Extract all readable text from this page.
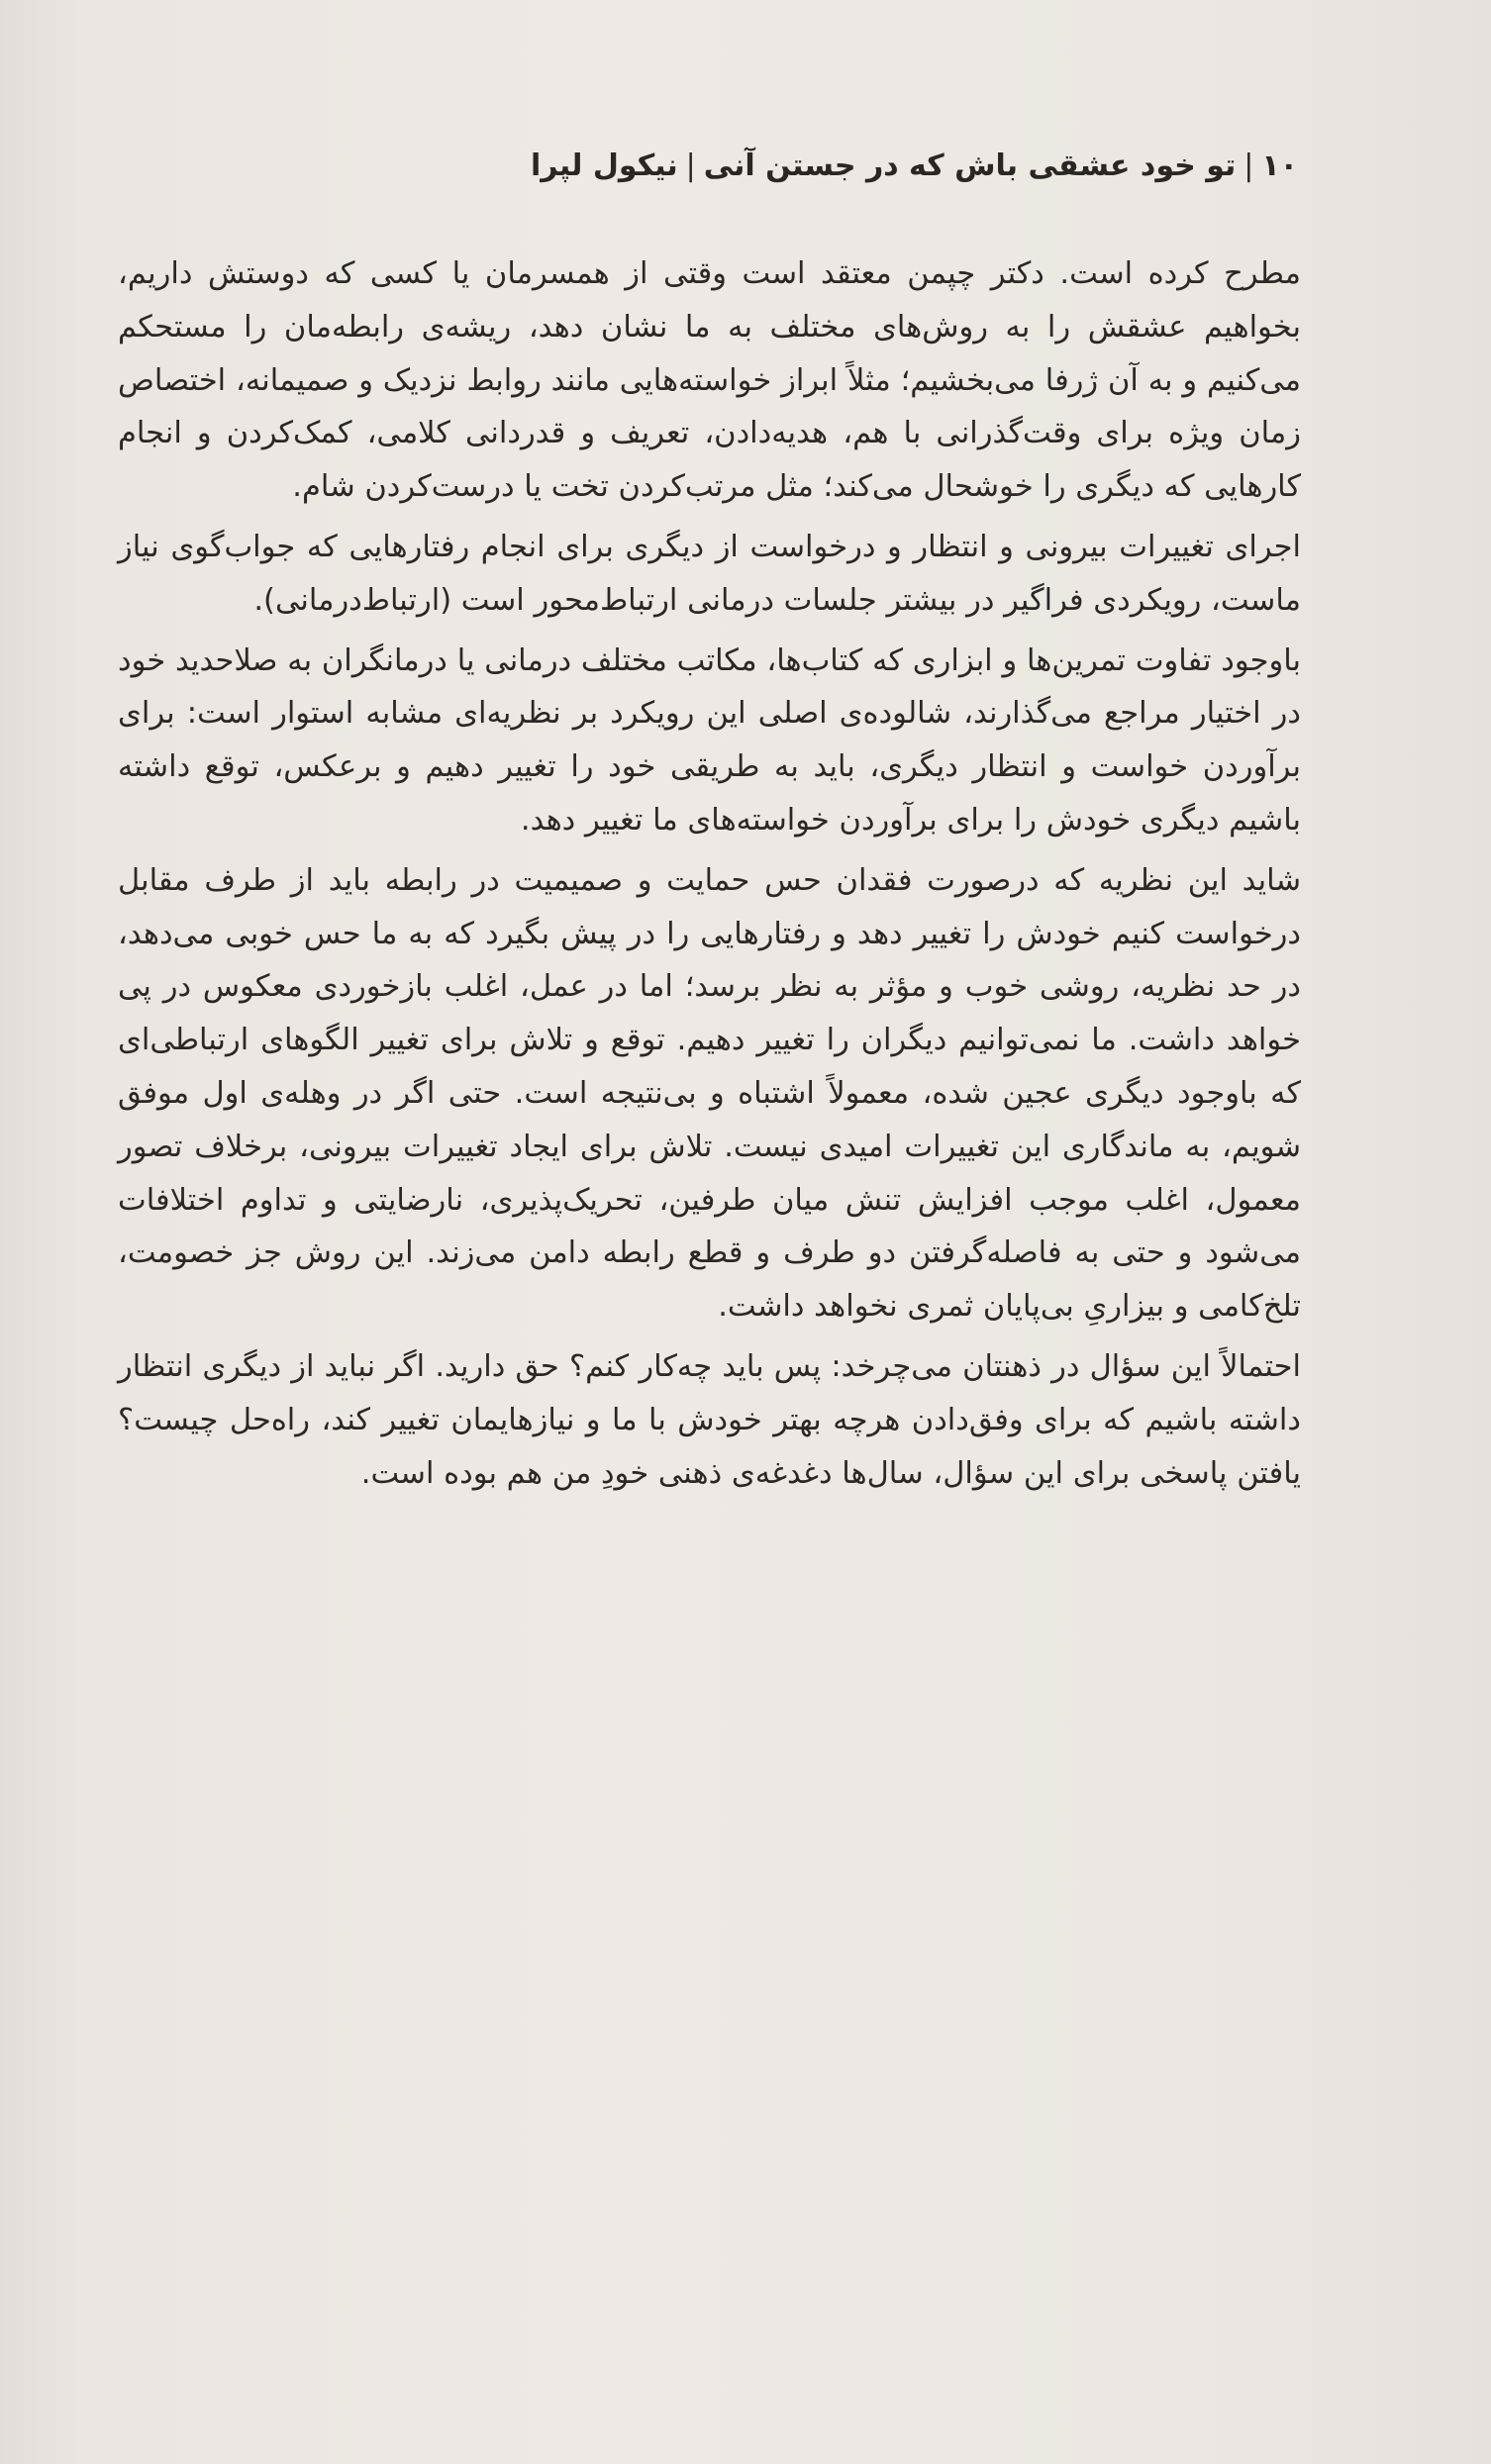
۱۰|تو خود عشقی باش که در جستن آنی|نیکول لپرا

مطرح کرده است. دکتر چپمن معتقد است وقتی از همسرمان یا کسی که دوستش داریم، بخواهیم عشقش را به روش‌های مختلف به ما نشان دهد، ریشه‌ی رابطه‌مان را مستحکم می‌کنیم و به آن ژرفا می‌بخشیم؛ مثلاً ابراز خواسته‌هایی مانند روابط نزدیک و صمیمانه، اختصاص زمان ویژه برای وقت‌گذرانی با هم، هدیه‌دادن، تعریف و قدردانی کلامی، کمک‌کردن و انجام کارهایی که دیگری را خوشحال می‌کند؛ مثل مرتب‌کردن تخت یا درست‌کردن شام.

اجرای تغییرات بیرونی و انتظار و درخواست از دیگری برای انجام رفتارهایی که جواب‌گوی نیاز ماست، رویکردی فراگیر در بیشتر جلسات درمانی ارتباط‌محور است (ارتباط‌درمانی).

باوجود تفاوت تمرین‌ها و ابزاری که کتاب‌ها، مکاتب مختلف درمانی یا درمانگران به صلاحدید خود در اختیار مراجع می‌گذارند، شالوده‌ی اصلی این رویکرد بر نظریه‌ای مشابه استوار است: برای برآوردن خواست و انتظار دیگری، باید به طریقی خود را تغییر دهیم و برعکس، توقع داشته باشیم دیگری خودش را برای برآوردن خواسته‌های ما تغییر دهد.

شاید این نظریه که درصورت فقدان حس حمایت و صمیمیت در رابطه باید از طرف مقابل درخواست کنیم خودش را تغییر دهد و رفتارهایی را در پیش بگیرد که به ما حس خوبی می‌دهد، در حد نظریه، روشی خوب و مؤثر به نظر برسد؛ اما در عمل، اغلب بازخوردی معکوس در پی خواهد داشت. ما نمی‌توانیم دیگران را تغییر دهیم. توقع و تلاش برای تغییر الگوهای ارتباطی‌ای که باوجود دیگری عجین شده، معمولاً اشتباه و بی‌نتیجه است. حتی اگر در وهله‌ی اول موفق شویم، به ماندگاری این تغییرات امیدی نیست. تلاش برای ایجاد تغییرات بیرونی، برخلاف تصور معمول، اغلب موجب افزایش تنش میان طرفین، تحریک‌پذیری، نارضایتی و تداوم اختلافات می‌شود و حتی به فاصله‌گرفتن دو طرف و قطع رابطه دامن می‌زند. این روش جز خصومت، تلخ‌کامی و بیزاریِ بی‌پایان ثمری نخواهد داشت.

احتمالاً این سؤال در ذهنتان می‌چرخد: پس باید چه‌کار کنم؟ حق دارید. اگر نباید از دیگری انتظار داشته باشیم که برای وفق‌دادن هرچه بهتر خودش با ما و نیازهایمان تغییر کند، راه‌حل چیست؟ یافتن پاسخی برای این سؤال، سال‌ها دغدغه‌ی ذهنی خودِ من هم بوده است.
